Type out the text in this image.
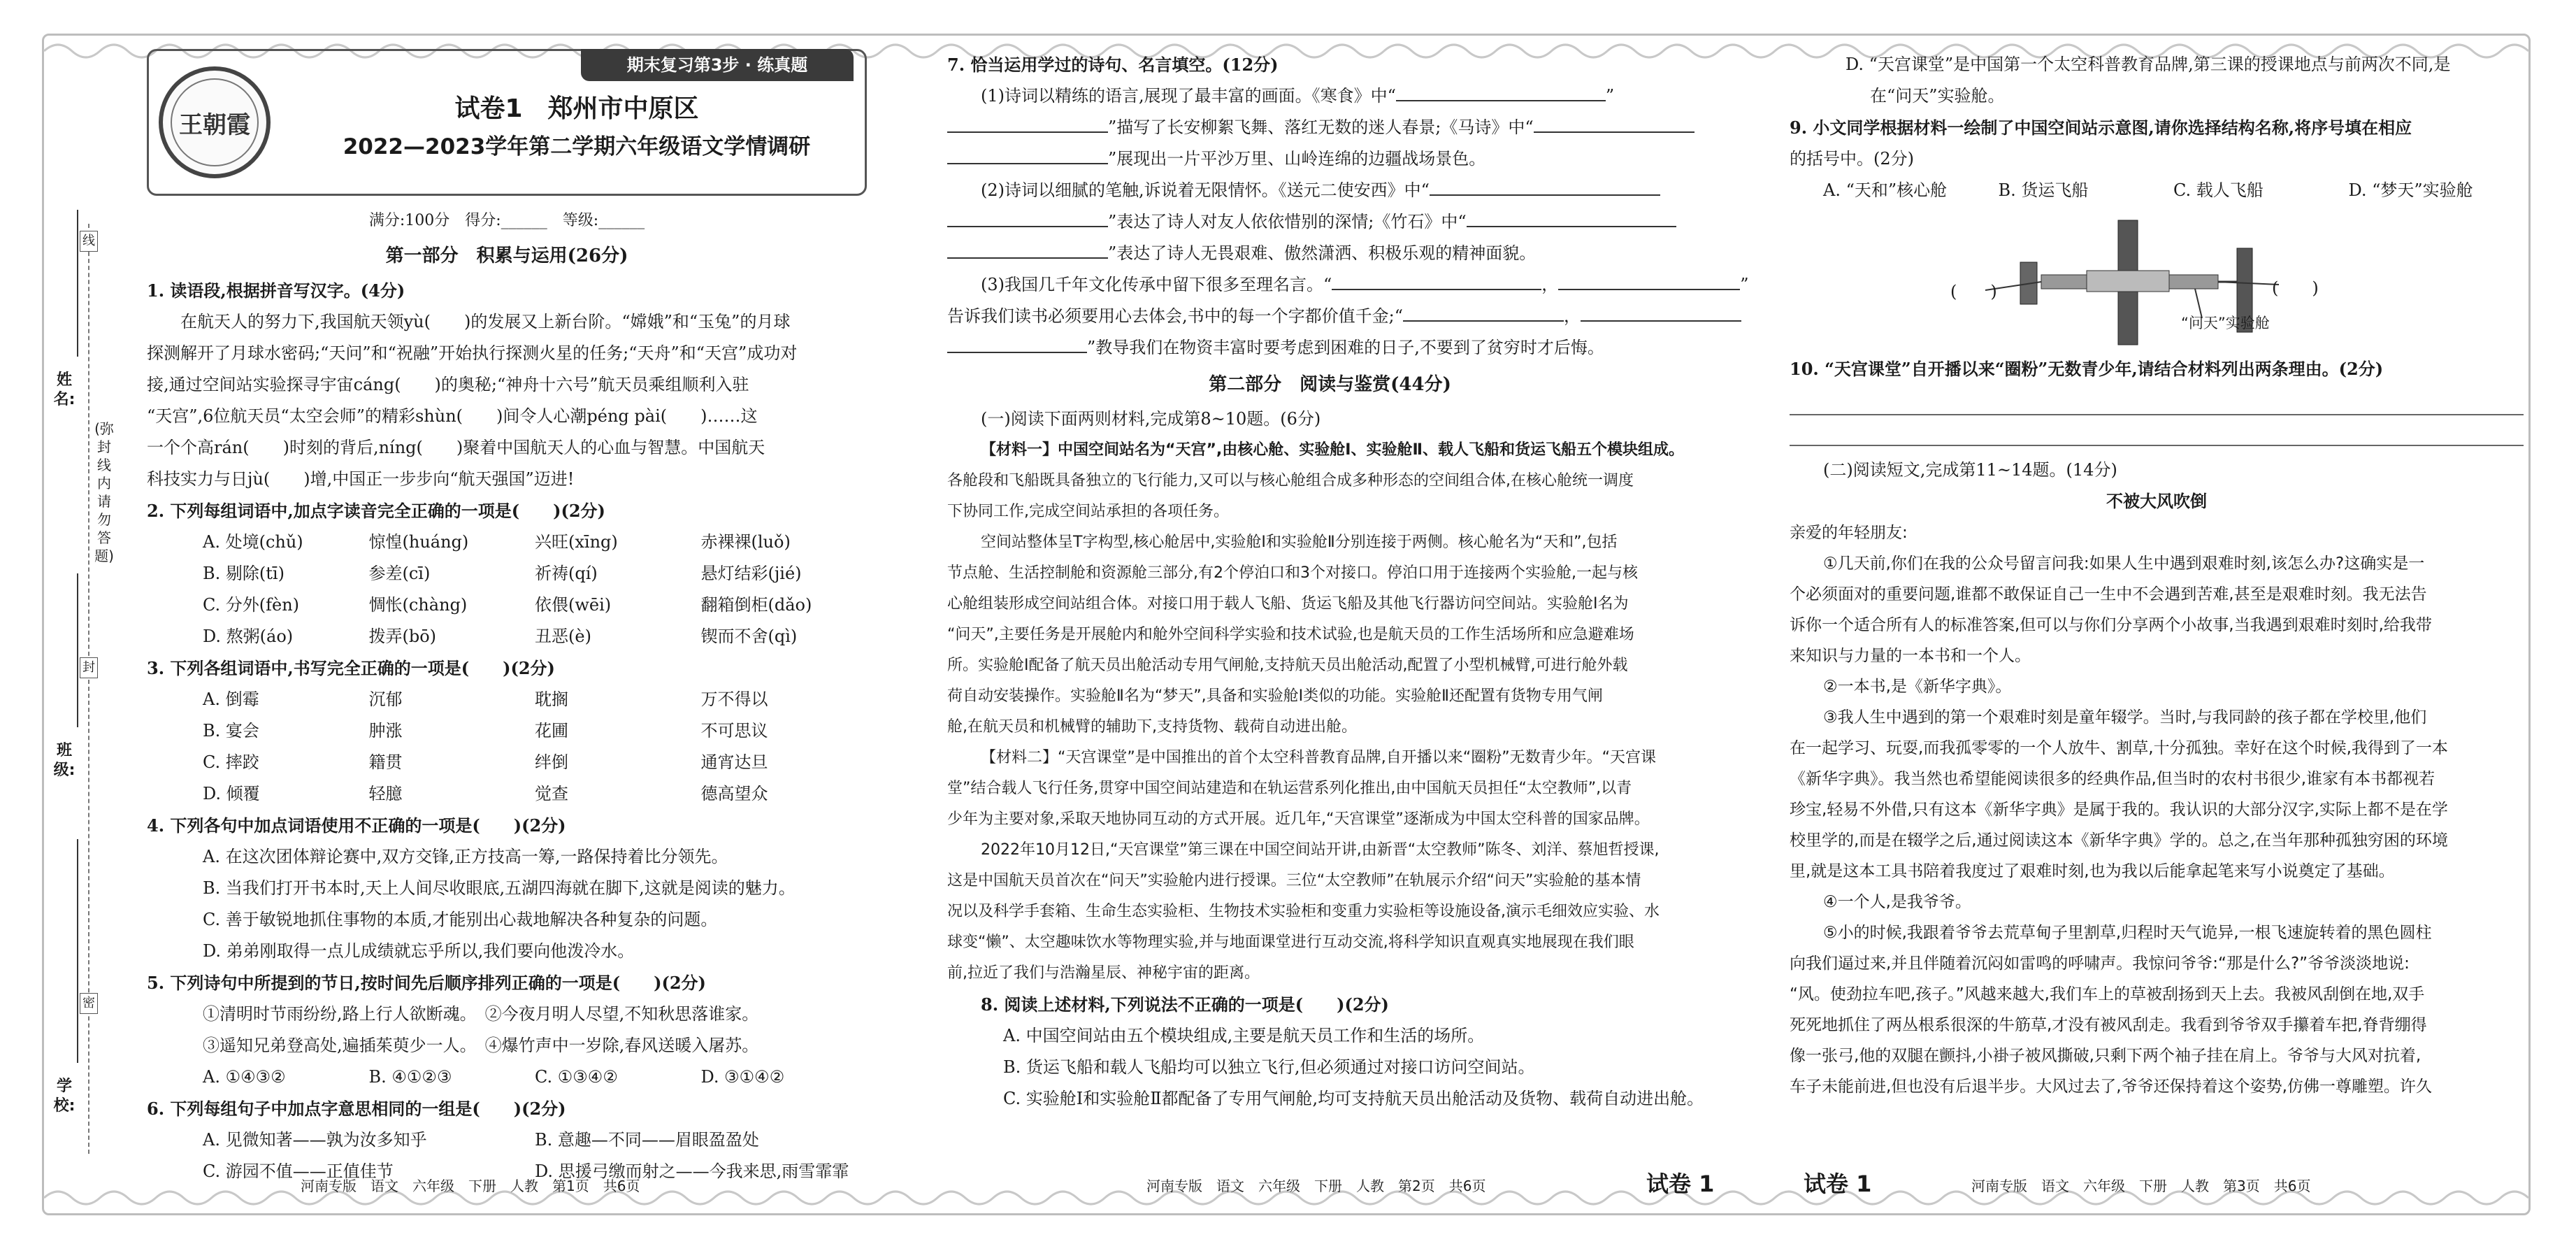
线
姓名:
(弥封线内请勿答题)
封
班级:
密
学校:
期末复习第3步 · 练真题
王朝霞
试卷1　郑州市中原区
2022—2023学年第二学期六年级语文学情调研
满分:100分　得分:______　等级:______
第一部分　积累与运用(26分)
1. 读语段,根据拼音写汉字。(4分)
在航天人的努力下,我国航天领yù(　　)的发展又上新台阶。“嫦娥”和“玉兔”的月球
探测解开了月球水密码;“天问”和“祝融”开始执行探测火星的任务;“天舟”和“天宫”成功对
接,通过空间站实验探寻宇宙cáng(　　)的奥秘;“神舟十六号”航天员乘组顺利入驻
“天宫”,6位航天员“太空会师”的精彩shùn(　　)间令人心潮péng pài(　　)……这
一个个高rán(　　)时刻的背后,níng(　　)聚着中国航天人的心血与智慧。中国航天
科技实力与日jù(　　)增,中国正一步步向“航天强国”迈进!
2. 下列每组词语中,加点字读音完全正确的一项是(　　)(2分)
A. 处境(chǔ)	惊惶(huáng)	兴旺(xīng)	赤裸裸(luǒ)
B. 剔除(tī)	参差(cī)	祈祷(qí)	悬灯结彩(jié)
C. 分外(fèn)	惆怅(chàng)	依偎(wēi)	翻箱倒柜(dǎo)
D. 熬粥(áo)	拨弄(bō)	丑恶(è)	锲而不舍(qì)
3. 下列各组词语中,书写完全正确的一项是(　　)(2分)
A. 倒霉	沉郁	耽搁	万不得以
B. 宴会	肿涨	花圃	不可思议
C. 摔跤	籍贯	绊倒	通宵达旦
D. 倾覆	轻臆	觉查	德高望众
4. 下列各句中加点词语使用不正确的一项是(　　)(2分)
A. 在这次团体辩论赛中,双方交锋,正方技高一筹,一路保持着比分领先。
B. 当我们打开书本时,天上人间尽收眼底,五湖四海就在脚下,这就是阅读的魅力。
C. 善于敏锐地抓住事物的本质,才能别出心裁地解决各种复杂的问题。
D. 弟弟刚取得一点儿成绩就忘乎所以,我们要向他泼冷水。
5. 下列诗句中所提到的节日,按时间先后顺序排列正确的一项是(　　)(2分)
①清明时节雨纷纷,路上行人欲断魂。　②今夜月明人尽望,不知秋思落谁家。
③遥知兄弟登高处,遍插茱萸少一人。　④爆竹声中一岁除,春风送暖入屠苏。
A. ①④③②	B. ④①②③	C. ①③④②	D. ③①④②
6. 下列每组句子中加点字意思相同的一组是(　　)(2分)
A. 见微知著——孰为汝多知乎	B. 意趣—不同——眉眼盈盈处
C. 游园不值——正值佳节	D. 思援弓缴而射之——今我来思,雨雪霏霏
河南专版　语文　六年级　下册　人教　第1页　共6页
7. 恰当运用学过的诗句、名言填空。(12分)
(1)诗词以精练的语言,展现了最丰富的画面。《寒食》中“	”
”描写了长安柳絮飞舞、落红无数的迷人春景;《马诗》中“
”展现出一片平沙万里、山岭连绵的边疆战场景色。
(2)诗词以细腻的笔触,诉说着无限情怀。《送元二使安西》中“
”表达了诗人对友人依依惜别的深情;《竹石》中“
”表达了诗人无畏艰难、傲然潇洒、积极乐观的精神面貌。
(3)我国几千年文化传承中留下很多至理名言。“	，	”
告诉我们读书必须要用心去体会,书中的每一个字都价值千金;“	，
”教导我们在物资丰富时要考虑到困难的日子,不要到了贫穷时才后悔。
第二部分　阅读与鉴赏(44分)
(一)阅读下面两则材料,完成第8~10题。(6分)
【材料一】中国空间站名为“天宫”,由核心舱、实验舱Ⅰ、实验舱Ⅱ、载人飞船和货运飞船五个模块组成。
各舱段和飞船既具备独立的飞行能力,又可以与核心舱组合成多种形态的空间组合体,在核心舱统一调度
下协同工作,完成空间站承担的各项任务。
空间站整体呈T字构型,核心舱居中,实验舱Ⅰ和实验舱Ⅱ分别连接于两侧。核心舱名为“天和”,包括
节点舱、生活控制舱和资源舱三部分,有2个停泊口和3个对接口。停泊口用于连接两个实验舱,一起与核
心舱组装形成空间站组合体。对接口用于载人飞船、货运飞船及其他飞行器访问空间站。实验舱Ⅰ名为
“问天”,主要任务是开展舱内和舱外空间科学实验和技术试验,也是航天员的工作生活场所和应急避难场
所。实验舱Ⅰ配备了航天员出舱活动专用气闸舱,支持航天员出舱活动,配置了小型机械臂,可进行舱外载
荷自动安装操作。实验舱Ⅱ名为“梦天”,具备和实验舱Ⅰ类似的功能。实验舱Ⅱ还配置有货物专用气闸
舱,在航天员和机械臂的辅助下,支持货物、载荷自动进出舱。
【材料二】“天宫课堂”是中国推出的首个太空科普教育品牌,自开播以来“圈粉”无数青少年。“天宫课
堂”结合载人飞行任务,贯穿中国空间站建造和在轨运营系列化推出,由中国航天员担任“太空教师”,以青
少年为主要对象,采取天地协同互动的方式开展。近几年,“天宫课堂”逐渐成为中国太空科普的国家品牌。
2022年10月12日,“天宫课堂”第三课在中国空间站开讲,由新晋“太空教师”陈冬、刘洋、蔡旭哲授课,
这是中国航天员首次在“问天”实验舱内进行授课。三位“太空教师”在轨展示介绍“问天”实验舱的基本情
况以及科学手套箱、生命生态实验柜、生物技术实验柜和变重力实验柜等设施设备,演示毛细效应实验、水
球变“懒”、太空趣味饮水等物理实验,并与地面课堂进行互动交流,将科学知识直观真实地展现在我们眼
前,拉近了我们与浩瀚星辰、神秘宇宙的距离。
8. 阅读上述材料,下列说法不正确的一项是(　　)(2分)
A. 中国空间站由五个模块组成,主要是航天员工作和生活的场所。
B. 货运飞船和载人飞船均可以独立飞行,但必须通过对接口访问空间站。
C. 实验舱Ⅰ和实验舱Ⅱ都配备了专用气闸舱,均可支持航天员出舱活动及货物、载荷自动进出舱。
河南专版　语文　六年级　下册　人教　第2页　共6页	试卷 1
D. “天宫课堂”是中国第一个太空科普教育品牌,第三课的授课地点与前两次不同,是
在“问天”实验舱。
9. 小文同学根据材料一绘制了中国空间站示意图,请你选择结构名称,将序号填在相应
的括号中。(2分)
A. “天和”核心舱	B. 货运飞船	C. 载人飞船	D. “梦天”实验舱
(　　)	(　　)
“问天”实验舱
10. “天宫课堂”自开播以来“圈粉”无数青少年,请结合材料列出两条理由。(2分)
(二)阅读短文,完成第11~14题。(14分)
不被大风吹倒
亲爱的年轻朋友:
①几天前,你们在我的公众号留言问我:如果人生中遇到艰难时刻,该怎么办?这确实是一
个必须面对的重要问题,谁都不敢保证自己一生中不会遇到苦难,甚至是艰难时刻。我无法告
诉你一个适合所有人的标准答案,但可以与你们分享两个小故事,当我遇到艰难时刻时,给我带
来知识与力量的一本书和一个人。
②一本书,是《新华字典》。
③我人生中遇到的第一个艰难时刻是童年辍学。当时,与我同龄的孩子都在学校里,他们
在一起学习、玩耍,而我孤零零的一个人放牛、割草,十分孤独。幸好在这个时候,我得到了一本
《新华字典》。我当然也希望能阅读很多的经典作品,但当时的农村书很少,谁家有本书都视若
珍宝,轻易不外借,只有这本《新华字典》是属于我的。我认识的大部分汉字,实际上都不是在学
校里学的,而是在辍学之后,通过阅读这本《新华字典》学的。总之,在当年那种孤独穷困的环境
里,就是这本工具书陪着我度过了艰难时刻,也为我以后能拿起笔来写小说奠定了基础。
④一个人,是我爷爷。
⑤小的时候,我跟着爷爷去荒草甸子里割草,归程时天气诡异,一根飞速旋转着的黑色圆柱
向我们逼过来,并且伴随着沉闷如雷鸣的呼啸声。我惊问爷爷:“那是什么?”爷爷淡淡地说:
“风。使劲拉车吧,孩子。”风越来越大,我们车上的草被刮扬到天上去。我被风刮倒在地,双手
死死地抓住了两丛根系很深的牛筋草,才没有被风刮走。我看到爷爷双手攥着车把,脊背绷得
像一张弓,他的双腿在颤抖,小褂子被风撕破,只剩下两个袖子挂在肩上。爷爷与大风对抗着,
车子未能前进,但也没有后退半步。大风过去了,爷爷还保持着这个姿势,仿佛一尊雕塑。许久
试卷 1	河南专版　语文　六年级　下册　人教　第3页　共6页
